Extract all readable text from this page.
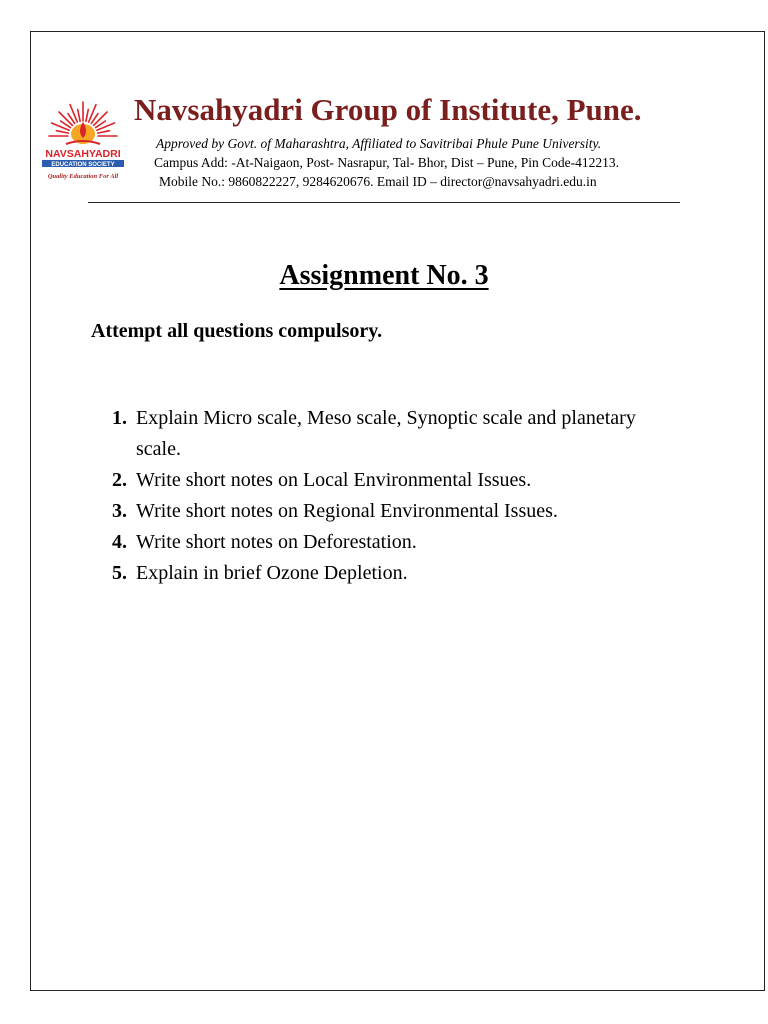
NAVSAHYADRI
EDUCATION SOCIETY
Quality Education For All
Navsahyadri Group of Institute, Pune.
Approved by Govt. of Maharashtra, Affiliated to Savitribai Phule Pune University.
Campus Add: -At-Naigaon, Post- Nasrapur, Tal- Bhor, Dist – Pune, Pin Code-412213.
Mobile No.: 9860822227, 9284620676. Email ID – director@navsahyadri.edu.in
Assignment No. 3
Attempt all questions compulsory.
1. Explain Micro scale, Meso scale, Synoptic scale and planetary scale.
2. Write short notes on Local Environmental Issues.
3. Write short notes on Regional Environmental Issues.
4. Write short notes on Deforestation.
5. Explain in brief Ozone Depletion.
